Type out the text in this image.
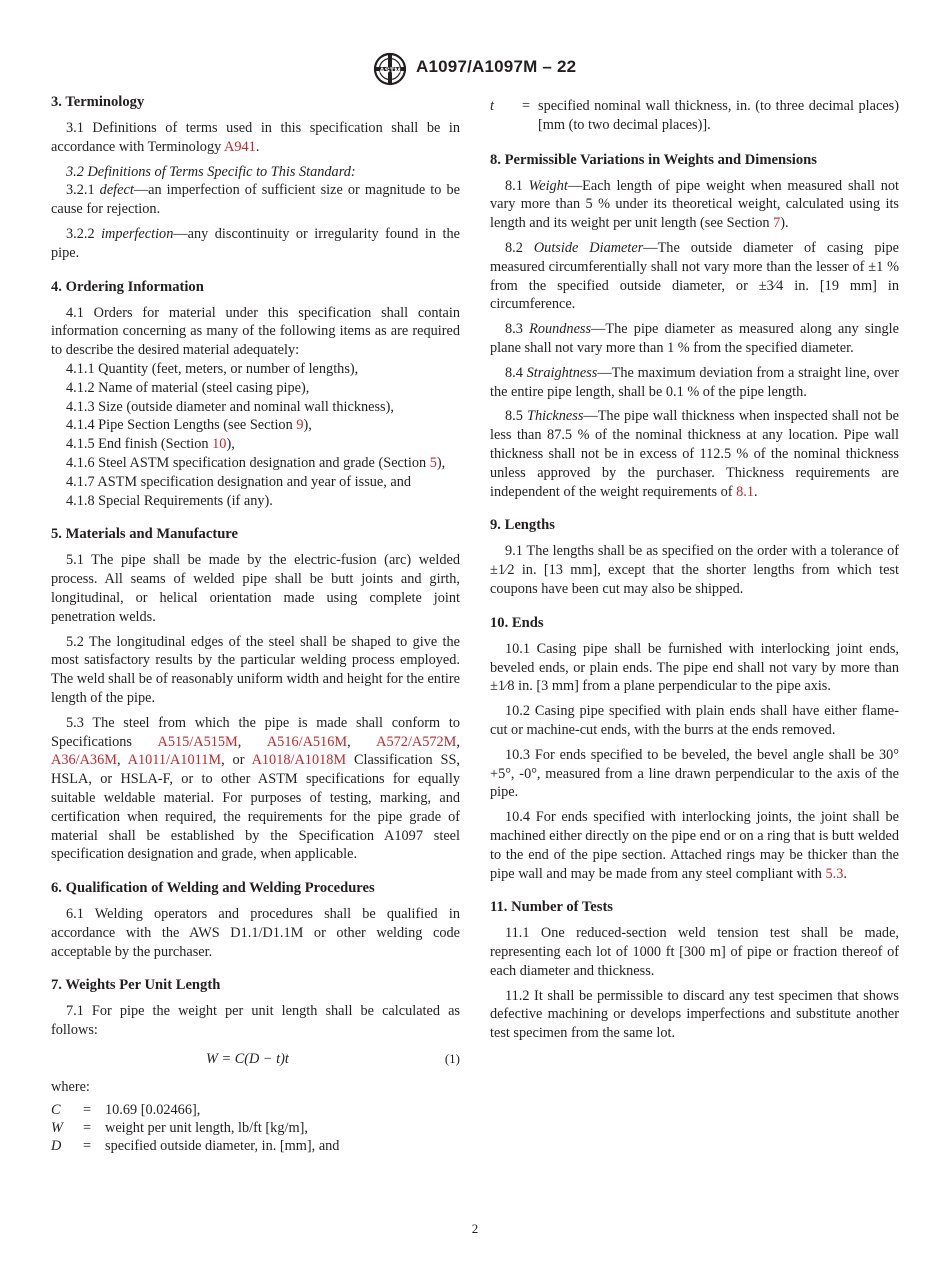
ASTM A1097/A1097M – 22
3. Terminology

3.1 Definitions of terms used in this specification shall be in accordance with Terminology A941.

3.2 Definitions of Terms Specific to This Standard:

3.2.1 defect—an imperfection of sufficient size or magnitude to be cause for rejection.

3.2.2 imperfection—any discontinuity or irregularity found in the pipe.

4. Ordering Information

4.1 Orders for material under this specification shall contain information concerning as many of the following items as are required to describe the desired material adequately:

4.1.1 Quantity (feet, meters, or number of lengths),
4.1.2 Name of material (steel casing pipe),
4.1.3 Size (outside diameter and nominal wall thickness),
4.1.4 Pipe Section Lengths (see Section 9),
4.1.5 End finish (Section 10),
4.1.6 Steel ASTM specification designation and grade (Section 5),
4.1.7 ASTM specification designation and year of issue, and
4.1.8 Special Requirements (if any).
5. Materials and Manufacture

5.1 The pipe shall be made by the electric-fusion (arc) welded process. All seams of welded pipe shall be butt joints and girth, longitudinal, or helical orientation made using complete joint penetration welds.

5.2 The longitudinal edges of the steel shall be shaped to give the most satisfactory results by the particular welding process employed. The weld shall be of reasonably uniform width and height for the entire length of the pipe.

5.3 The steel from which the pipe is made shall conform to Specifications A515/A515M, A516/A516M, A572/A572M, A36/A36M, A1011/A1011M, or A1018/A1018M Classification SS, HSLA, or HSLA-F, or to other ASTM specifications for equally suitable weldable material. For purposes of testing, marking, and certification when required, the requirements for the pipe grade of material shall be established by the Specification A1097 steel specification designation and grade, when applicable.

6. Qualification of Welding and Welding Procedures

6.1 Welding operators and procedures shall be qualified in accordance with the AWS D1.1/D1.1M or other welding code acceptable by the purchaser.

7. Weights Per Unit Length

7.1 For pipe the weight per unit length shall be calculated as follows:

W = C(D − t)t	(1)
where:
C	= 10.69 [0.02466],
W	= weight per unit length, lb/ft [kg/m],
D	= specified outside diameter, in. [mm], and
t	= specified nominal wall thickness, in. (to three decimal places) [mm (to two decimal places)].
8. Permissible Variations in Weights and Dimensions

8.1 Weight—Each length of pipe weight when measured shall not vary more than 5 % under its theoretical weight, calculated using its length and its weight per unit length (see Section 7).

8.2 Outside Diameter—The outside diameter of casing pipe measured circumferentially shall not vary more than the lesser of ±1 % from the specified outside diameter, or ±3⁄4 in. [19 mm] in circumference.

8.3 Roundness—The pipe diameter as measured along any single plane shall not vary more than 1 % from the specified diameter.

8.4 Straightness—The maximum deviation from a straight line, over the entire pipe length, shall be 0.1 % of the pipe length.

8.5 Thickness—The pipe wall thickness when inspected shall not be less than 87.5 % of the nominal thickness at any location. Pipe wall thickness shall not be in excess of 112.5 % of the nominal thickness unless approved by the purchaser. Thickness requirements are independent of the weight requirements of 8.1.

9. Lengths

9.1 The lengths shall be as specified on the order with a tolerance of ±1⁄2 in. [13 mm], except that the shorter lengths from which test coupons have been cut may also be shipped.

10. Ends

10.1 Casing pipe shall be furnished with interlocking joint ends, beveled ends, or plain ends. The pipe end shall not vary by more than ±1⁄8 in. [3 mm] from a plane perpendicular to the pipe axis.

10.2 Casing pipe specified with plain ends shall have either flame-cut or machine-cut ends, with the burrs at the ends removed.

10.3 For ends specified to be beveled, the bevel angle shall be 30° +5°, -0°, measured from a line drawn perpendicular to the axis of the pipe.

10.4 For ends specified with interlocking joints, the joint shall be machined either directly on the pipe end or on a ring that is butt welded to the end of the pipe section. Attached rings may be thicker than the pipe wall and may be made from any steel compliant with 5.3.

11. Number of Tests

11.1 One reduced-section weld tension test shall be made, representing each lot of 1000 ft [300 m] of pipe or fraction thereof of each diameter and thickness.

11.2 It shall be permissible to discard any test specimen that shows defective machining or develops imperfections and substitute another test specimen from the same lot.

2
